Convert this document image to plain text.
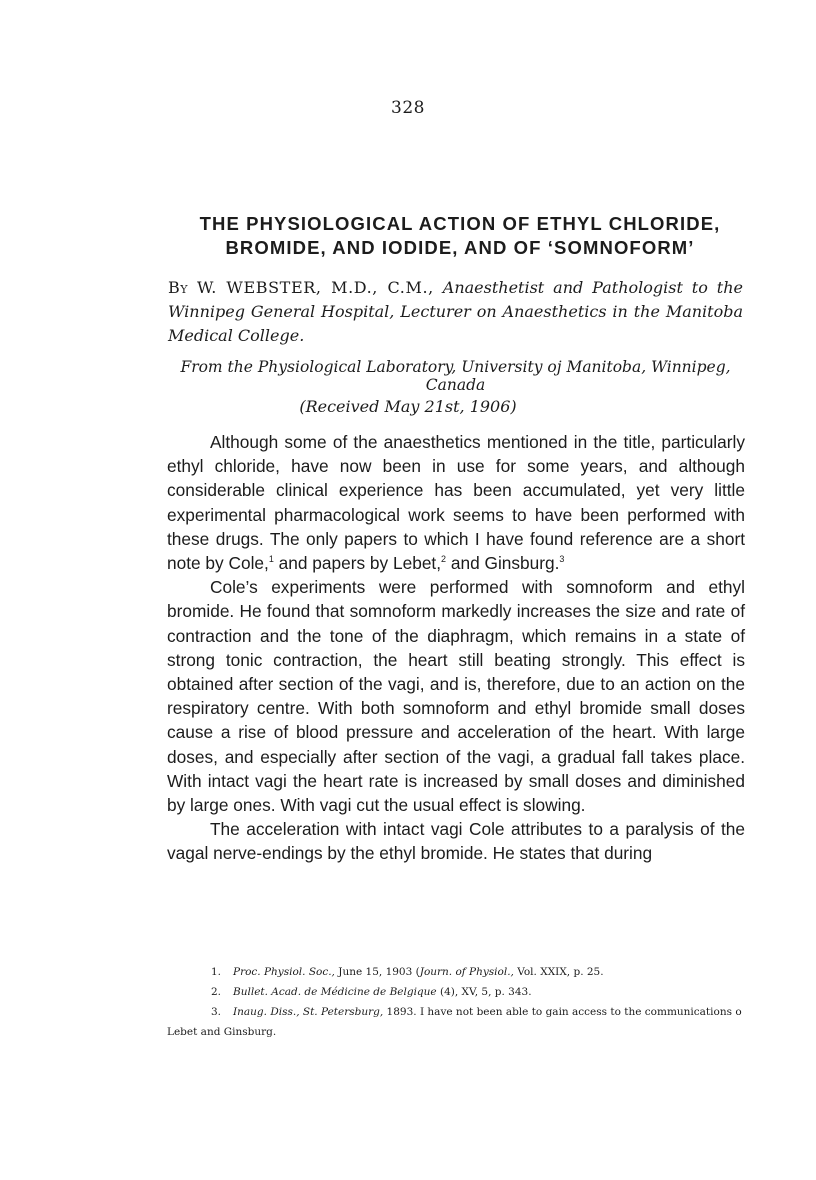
328
THE PHYSIOLOGICAL ACTION OF ETHYL CHLORIDE,
BROMIDE, AND IODIDE, AND OF ‘SOMNOFORM’
By W. WEBSTER, M.D., C.M., Anaesthetist and Pathologist to the Winnipeg General Hospital, Lecturer on Anaesthetics in the Manitoba Medical College.
From the Physiological Laboratory, University oj Manitoba, Winnipeg, Canada
(Received May 21st, 1906)

Although some of the anaesthetics mentioned in the title, particularly ethyl chloride, have now been in use for some years, and although considerable clinical experience has been accumulated, yet very little experimental pharmacological work seems to have been performed with these drugs. The only papers to which I have found reference are a short note by Cole,$^1$ and papers by Lebet,$^2$ and Ginsburg.$^3$

Cole’s experiments were performed with somnoform and ethyl bromide. He found that somnoform markedly increases the size and rate of contraction and the tone of the diaphragm, which remains in a state of strong tonic contraction, the heart still beating strongly. This effect is obtained after section of the vagi, and is, therefore, due to an action on the respiratory centre. With both somnoform and ethyl bromide small doses cause a rise of blood pressure and acceleration of the heart. With large doses, and especially after section of the vagi, a gradual fall takes place. With intact vagi the heart rate is increased by small doses and diminished by large ones. With vagi cut the usual effect is slowing.

The acceleration with intact vagi Cole attributes to a paralysis of the vagal nerve-endings by the ethyl bromide. He states that during

1.	Proc. Physiol. Soc., June 15, 1903 (Journ. of Physiol., Vol. XXIX, p. 25.
2.	Bullet. Acad. de Médicine de Belgique (4), XV, 5, p. 343.
3.	Inaug. Diss., St. Petersburg, 1893. I have not been able to gain access to the communications o
Lebet and Ginsburg.
